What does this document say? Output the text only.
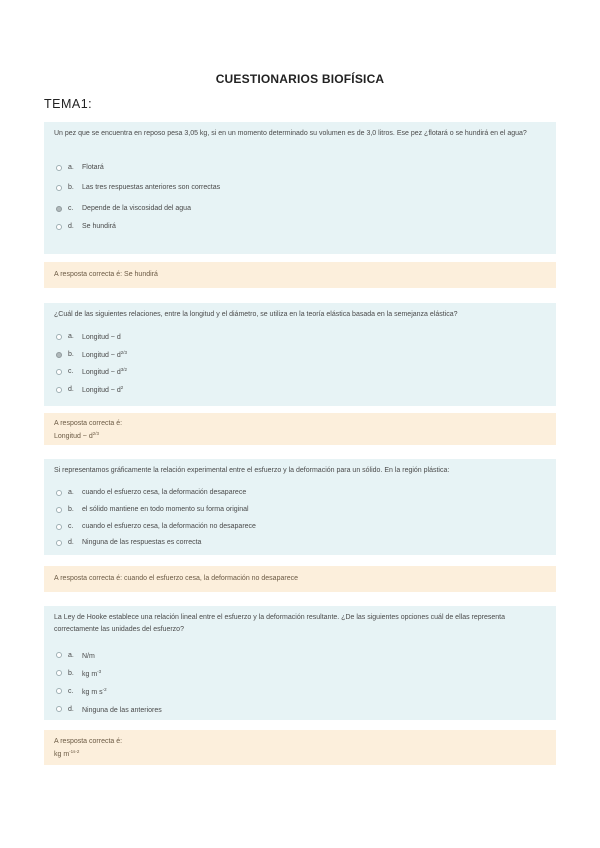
CUESTIONARIOS BIOFÍSICA
TEMA1:
Un pez que se encuentra en reposo pesa 3,05 kg, si en un momento determinado su volumen es de 3,0 litros. Ese pez ¿flotará o se hundirá en el agua?
a.	Flotará
b.	Las tres respuestas anteriores son correctas
c.	Depende de la viscosidad del agua
d.	Se hundirá
A resposta correcta é: Se hundirá
¿Cuál de las siguientes relaciones, entre la longitud y el diámetro, se utiliza en la teoría elástica basada en la semejanza elástica?
a.	Longitud ~ d
b.	Longitud ~ $d^{2/3}$
c.	Longitud ~ $d^{3/2}$
d.	Longitud ~ $d^2$
A resposta correcta é:
Longitud ~ $d^{2/3}$
Si representamos gráficamente la relación experimental entre el esfuerzo y la deformación para un sólido. En la región plástica:
a.	cuando el esfuerzo cesa, la deformación desaparece
b.	el sólido mantiene en todo momento su forma original
c.	cuando el esfuerzo cesa, la deformación no desaparece
d.	Ninguna de las respuestas es correcta
A resposta correcta é: cuando el esfuerzo cesa, la deformación no desaparece
La Ley de Hooke establece una relación lineal entre el esfuerzo y la deformación resultante. ¿De las siguientes opciones cuál de ellas representa correctamente las unidades del esfuerzo?
a.	N/m
b.	kg $m^{-3}$
c.	kg m $s^{-2}$
d.	Ninguna de las anteriores
A resposta correcta é:
kg $m^{-1s-2}$
